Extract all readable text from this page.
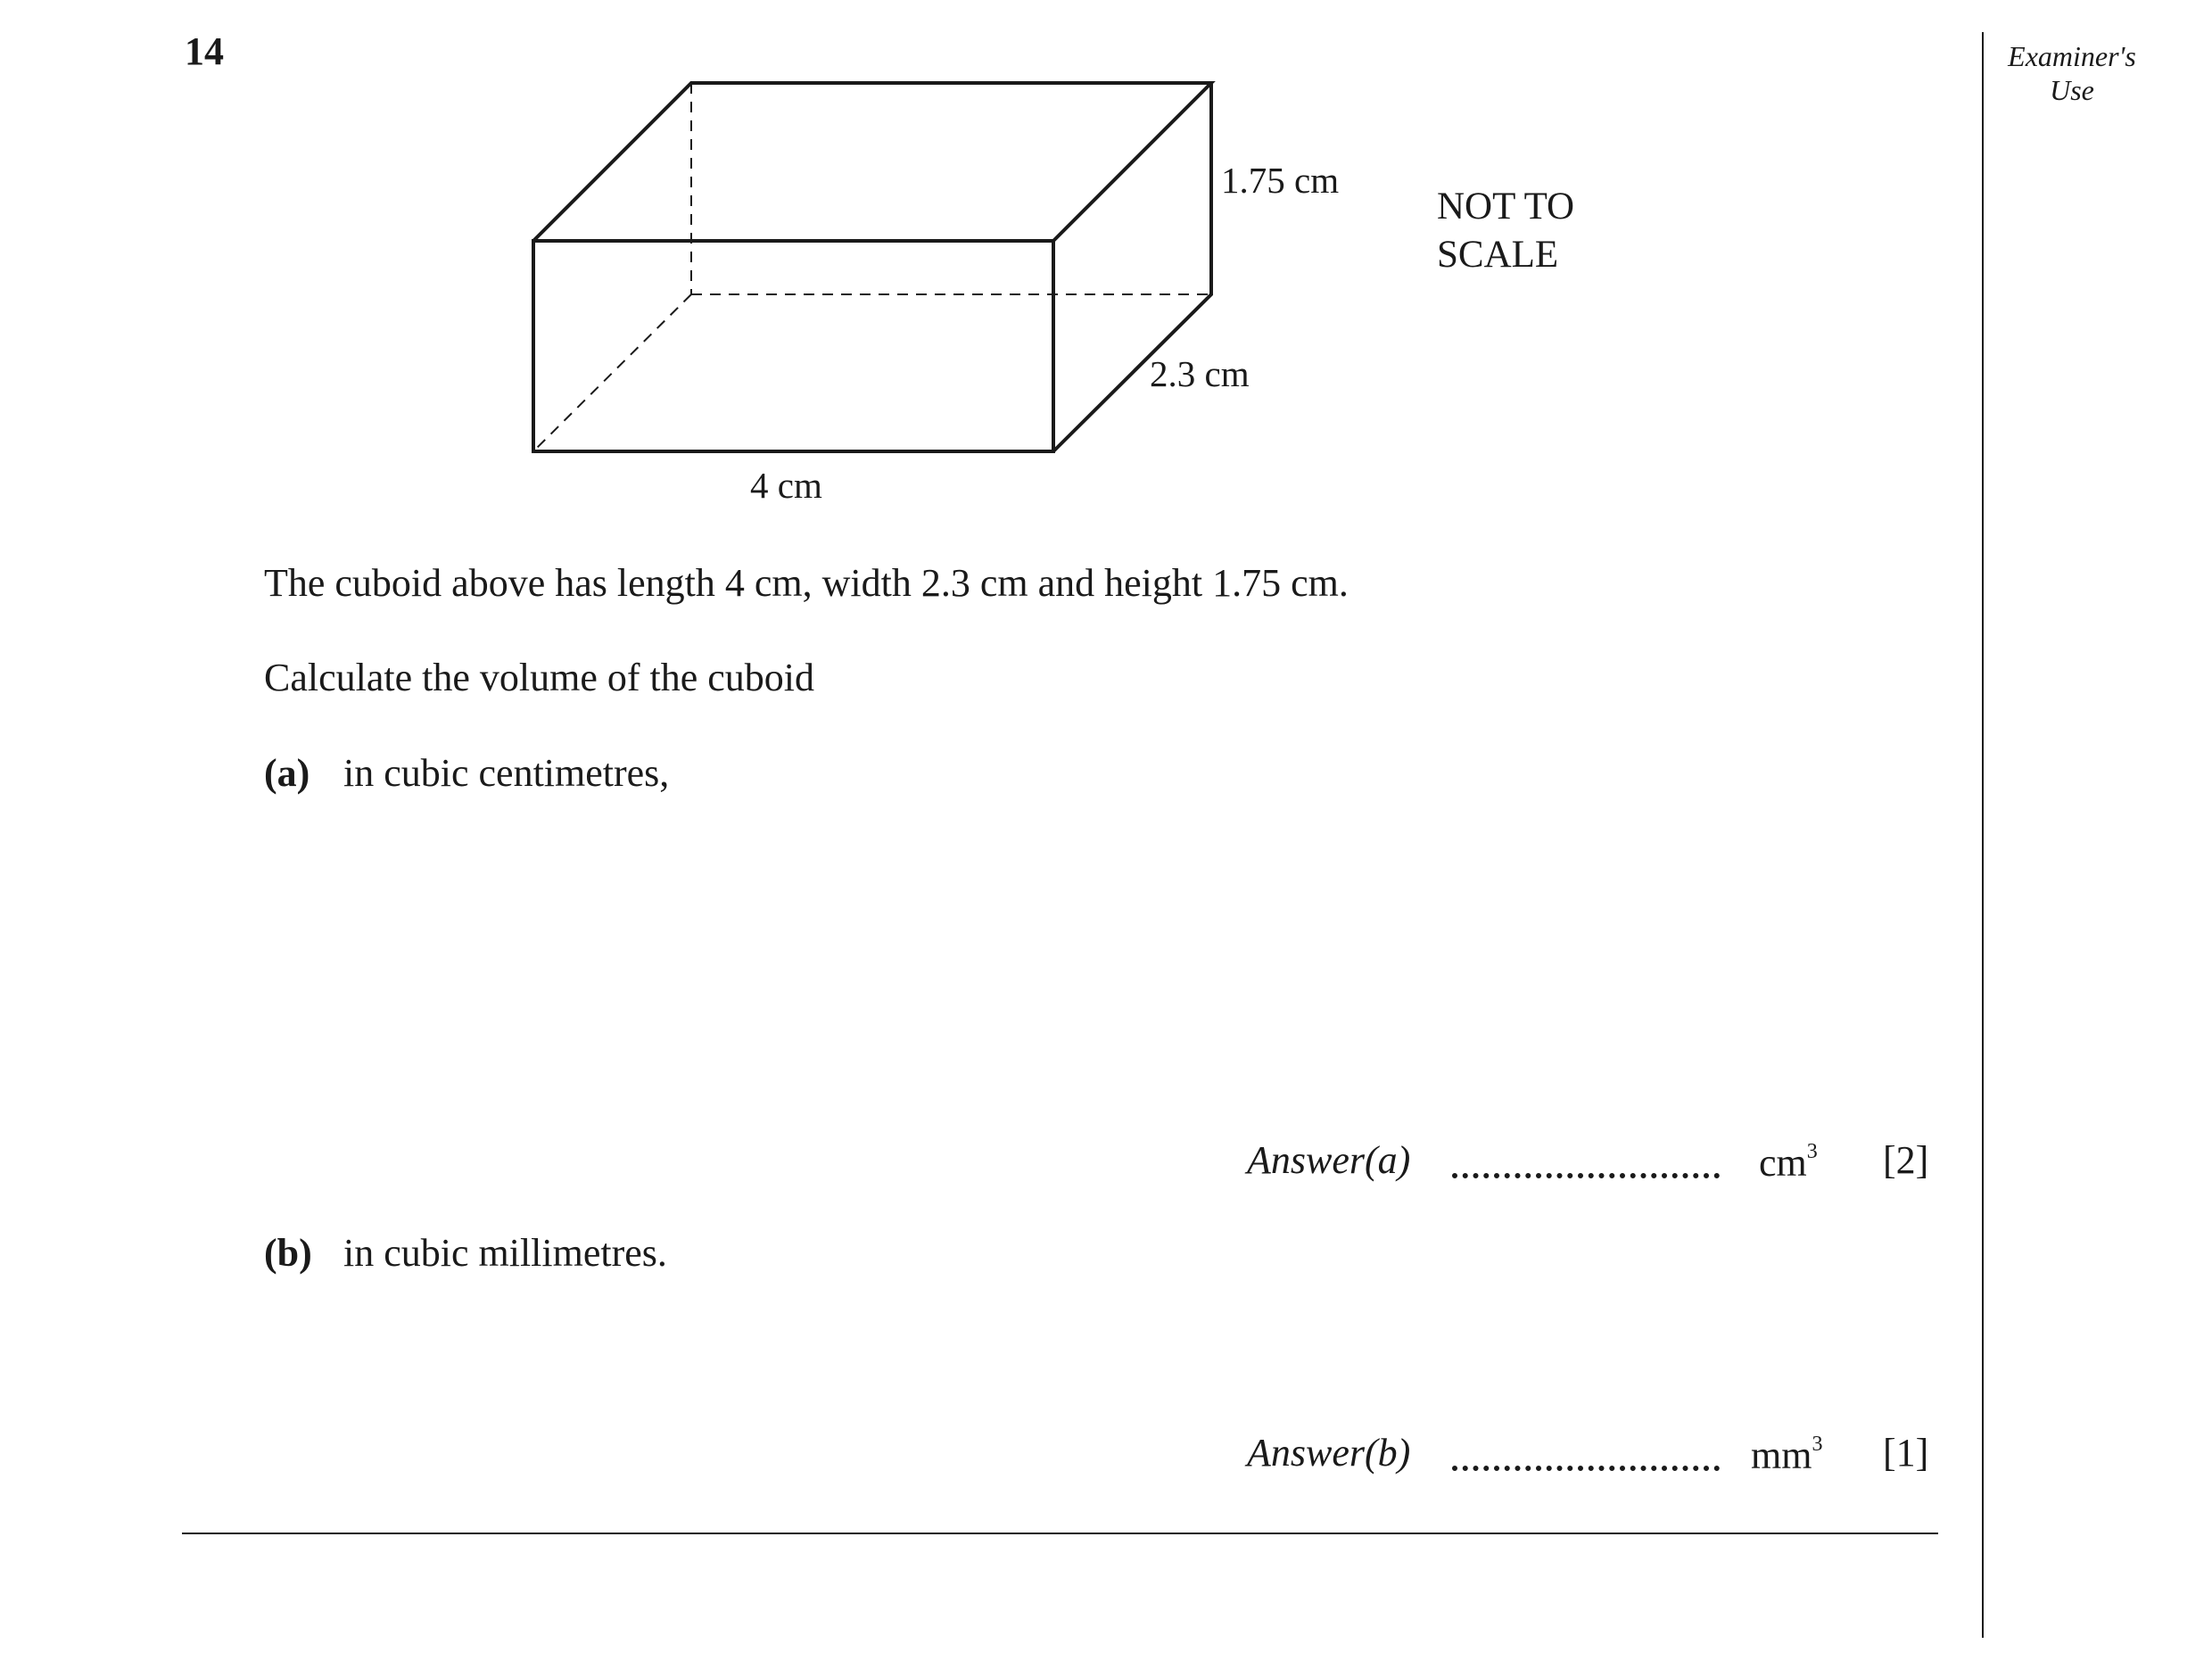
14	Examiner's
Use
1.75 cm
2.3 cm
4 cm
NOT TO
SCALE
The cuboid above has length 4 cm, width 2.3 cm and height 1.75 cm.
Calculate the volume of the cuboid
(a) in cubic centimetres,
Answer(a)	$cm^3$ [2]
(b) in cubic millimetres.
Answer(b)	$mm^3$ [1]
